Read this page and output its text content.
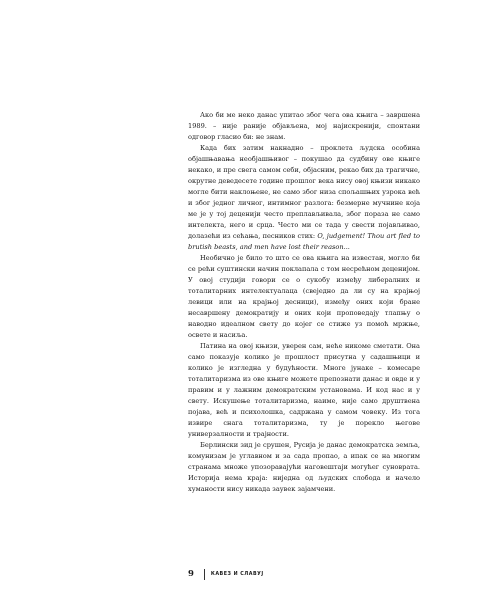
Ако би ме неко данас упитао због чега ова књига – завршена 1989. – није раније објављена, мој најискренији, спонтани одговор гласио би: не знам.

Када бих затим накнадно – проклета људска особина објашњавања необјашњивог – покушао да судбину ове књиге некако, и пре свега самом себи, објасним, рекао бих да трагичне, окрутне деведесете године прошлог века нису овој књизи никако могле бити наклоњене, не само због низа спољашњих узрока већ и због једног личног, интимног разлога: безмерне мучнине која ме је у тој деценији често преплављивала, због пораза не само интелекта, него и срца. Често ми се тада у свести појављивао, долазећи из сећања, песников стих: O, judgement! Thou art fled to brutish beasts, and men have lost their reason...

Необично је било то што се ова књига на известан, могло би се рећи суштински начин поклапала с том несрећном деценијом. У овој студији говори се о сукобу између либералних и тоталитарних интелектуалаца (свеједно да ли су на крајњој левици или на крајњој десници), између оних који бране несавршену демократију и оних који проповедају тлапњу о наводно идеалном свету до којег се стиже уз помоћ мржње, освете и насиља.

Патина на овој књизи, уверен сам, неће никоме сметати. Она само показује колико је прошлост присутна у садашњици и колико је изгледна у будућности. Многе јунаке – комесаре тоталитаризма из ове књиге можете препознати данас и овде и у правим и у лажним демократским установама. И код нас и у свету. Искушење тоталитаризма, наиме, није само друштвена појава, већ и психолошка, садржана у самом човеку. Из тога извире снага тоталитаризма, ту је порекло његове универзалности и трајности.

Берлински зид је срушен, Русија је данас демократска земља, комунизам је углавном и за сада пропао, а ипак се на многим странама множе упозоравајући наговештаји могућег суноврата. Историја нема краја: ниједна од људских слобода и начело хуманости нису никада заувек зајамчени.

9	КАВЕЗ И СЛАВУЈ
